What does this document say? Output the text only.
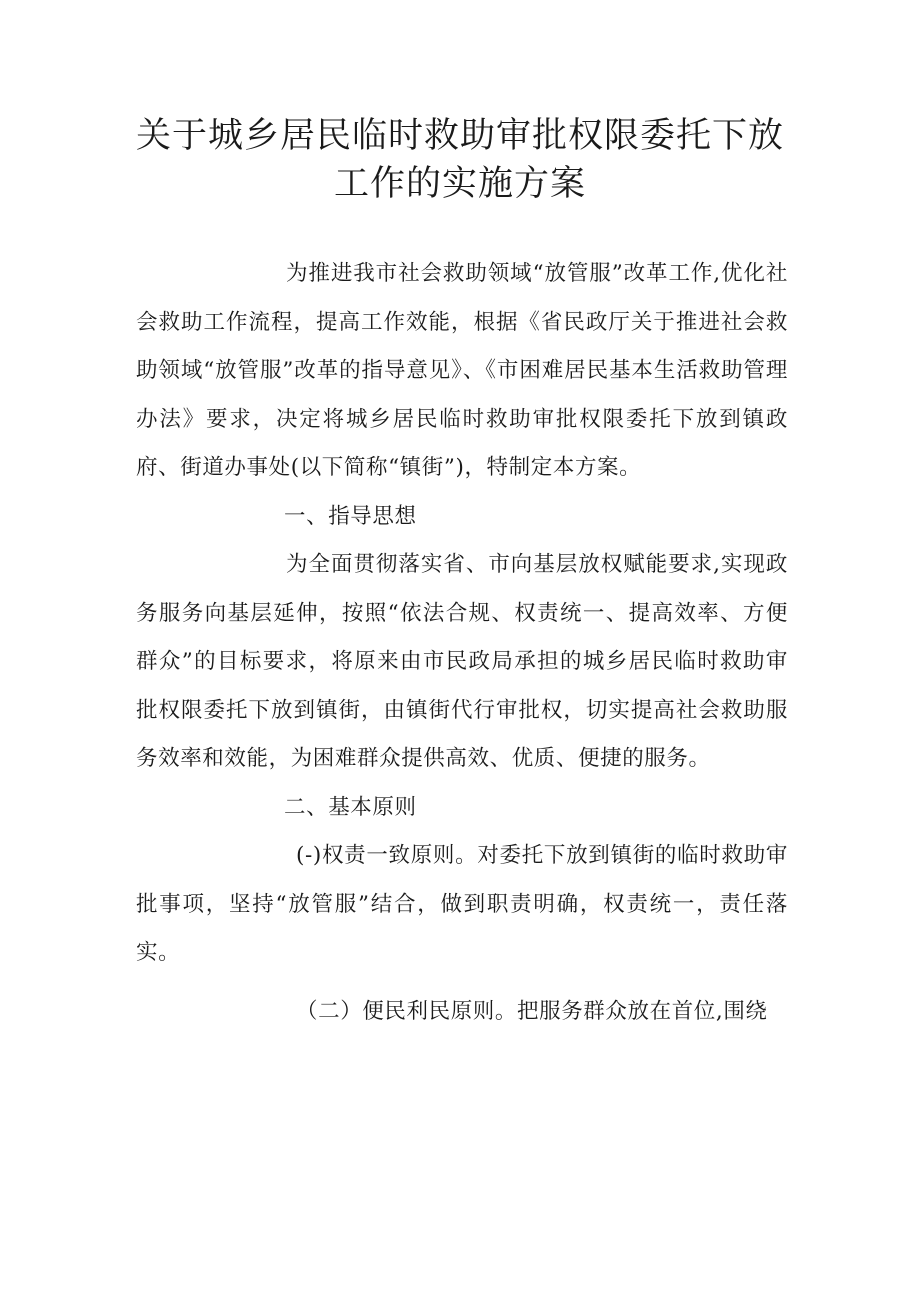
关于城乡居民临时救助审批权限委托下放
工作的实施方案

为推进我市社会救助领域“放管服”改革工作,优化社会救助工作流程，提高工作效能，根据《省民政厅关于推进社会救助领域“放管服”改革的指导意见》、《市困难居民基本生活救助管理办法》要求，决定将城乡居民临时救助审批权限委托下放到镇政府、街道办事处(以下简称“镇街”)，特制定本方案。

一、指导思想

为全面贯彻落实省、市向基层放权赋能要求,实现政务服务向基层延伸，按照“依法合规、权责统一、提高效率、方便群众”的目标要求，将原来由市民政局承担的城乡居民临时救助审批权限委托下放到镇街，由镇街代行审批权，切实提高社会救助服务效率和效能，为困难群众提供高效、优质、便捷的服务。

二、基本原则

(-)权责一致原则。对委托下放到镇街的临时救助审批事项，坚持“放管服”结合，做到职责明确，权责统一，责任落实。

（二）便民利民原则。把服务群众放在首位,围绕
